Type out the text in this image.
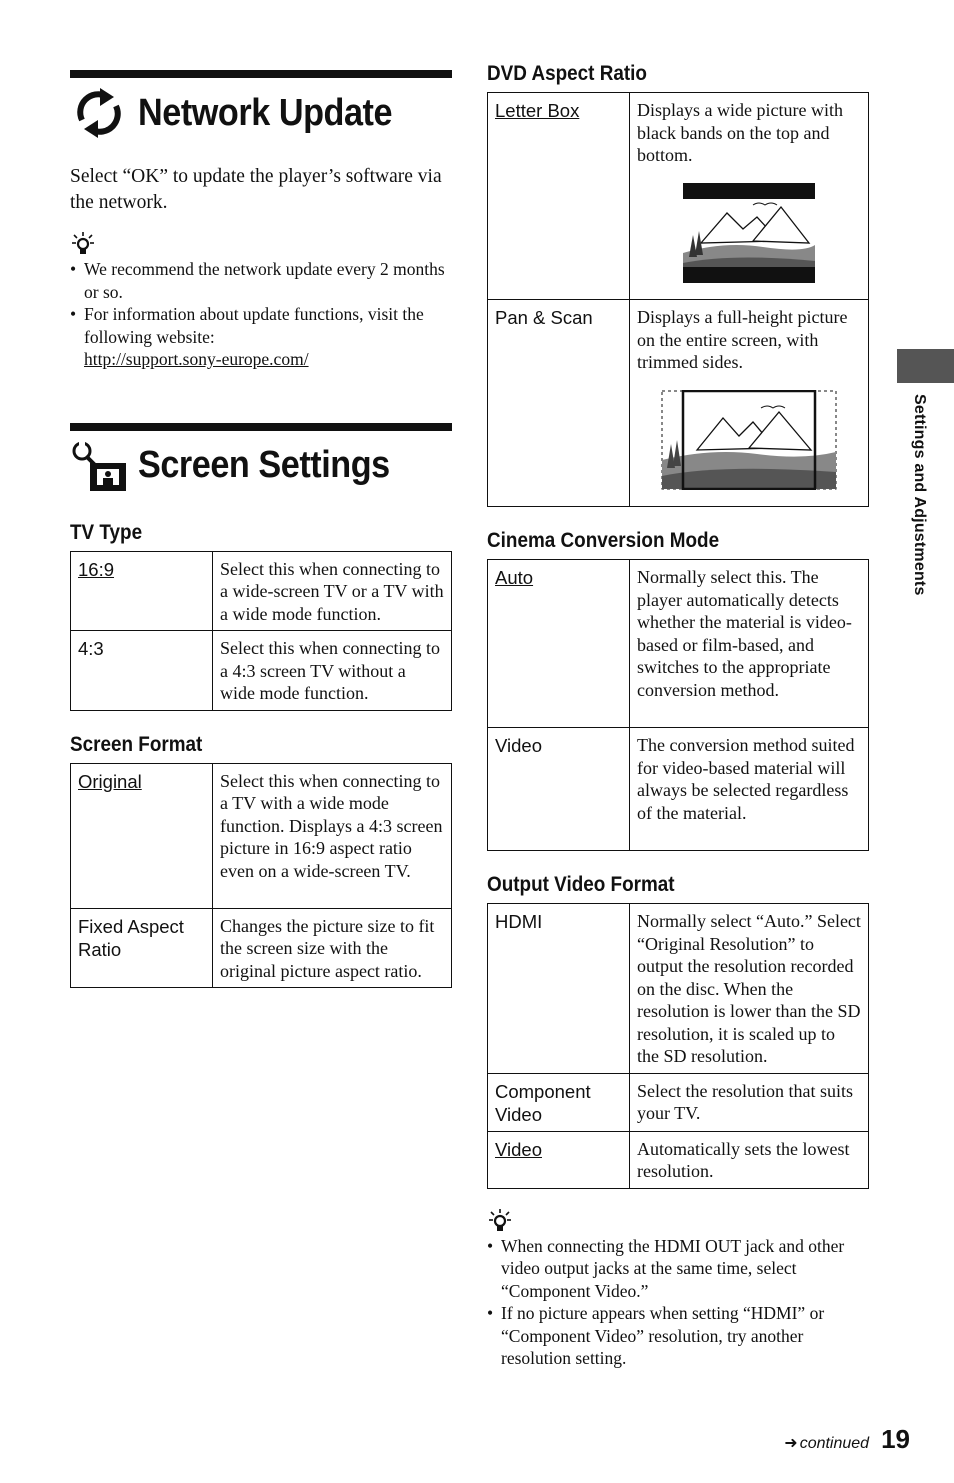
Network Update

Select “OK” to update the player’s software via the network.

• We recommend the network update every 2 months or so.
• For information about update functions, visit the following website:
http://support.sony-europe.com/
Screen Settings
TV Type
16:9	Select this when connecting to a wide-screen TV or a TV with a wide mode function.
4:3	Select this when connecting to a 4:3 screen TV without a wide mode function.
Screen Format
Original	Select this when connecting to a TV with a wide mode function. Displays a 4:3 screen picture in 16:9 aspect ratio even on a wide-screen TV.
Fixed Aspect Ratio	Changes the picture size to fit the screen size with the original picture aspect ratio.
DVD Aspect Ratio
Letter Box	Displays a wide picture with black bands on the top and bottom.

Pan & Scan	Displays a full-height picture on the entire screen, with trimmed sides.
Cinema Conversion Mode
Auto	Normally select this. The player automatically detects whether the material is video-based or film-based, and switches to the appropriate conversion method.
Video	The conversion method suited for video-based material will always be selected regardless of the material.
Output Video Format
HDMI	Normally select “Auto.” Select “Original Resolution” to output the resolution recorded on the disc. When the resolution is lower than the SD resolution, it is scaled up to the SD resolution.
Component Video	Select the resolution that suits your TV.
Video	Automatically sets the lowest resolution.
• When connecting the HDMI OUT jack and other video output jacks at the same time, select “Component Video.”
• If no picture appears when setting “HDMI” or “Component Video” resolution, try another resolution setting.
Settings and Adjustments
➜ continued 19
